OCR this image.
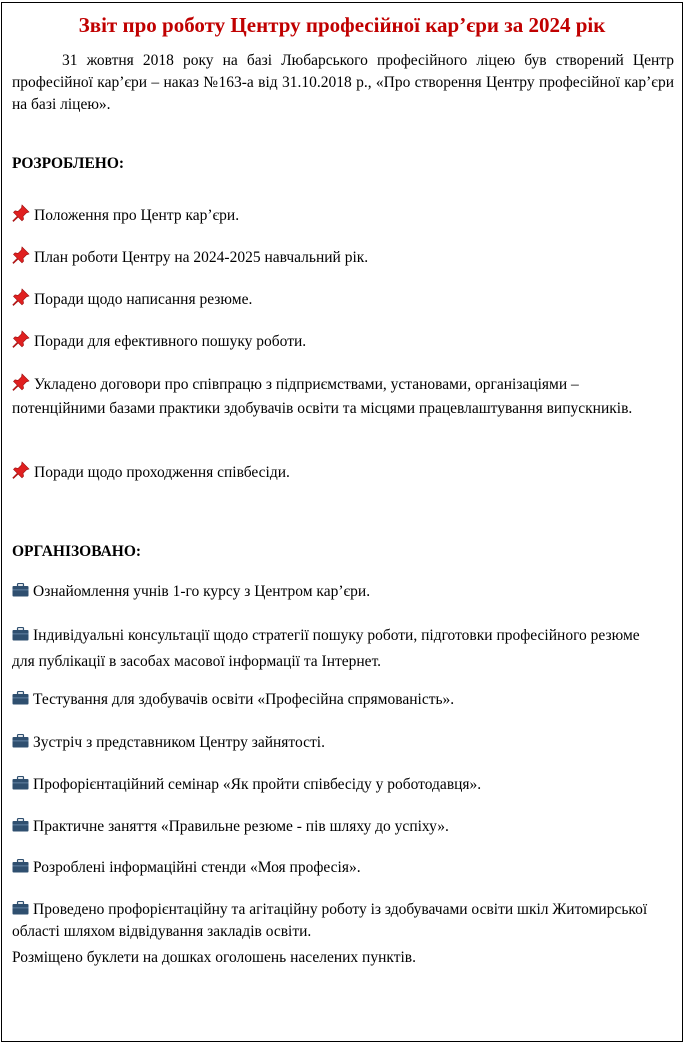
Звіт про роботу Центру професійної кар’єри за 2024 рік

31 жовтня 2018 року на базі Любарського професійного ліцею був створений Центр професійної кар’єри – наказ №163-а від 31.10.2018 р., «Про створення Центру професійної кар’єри на базі ліцею».

РОЗРОБЛЕНО:

Положення про Центр кар’єри.

План роботи Центру на 2024-2025 навчальний рік.

Поради щодо написання резюме.

Поради для ефективного пошуку роботи.

Укладено договори про співпрацю з підприємствами, установами, організаціями – потенційними базами практики здобувачів освіти та місцями працевлаштування випускників.

Поради щодо проходження співбесіди.

ОРГАНІЗОВАНО:

Ознайомлення учнів 1-го курсу з Центром кар’єри.

Індивідуальні консультації щодо стратегії пошуку роботи, підготовки професійного резюме для публікації в засобах масової інформації та Інтернет.

Тестування для здобувачів освіти «Професійна спрямованість».

Зустріч з представником Центру зайнятості.

Профорієнтаційний семінар «Як пройти співбесіду у роботодавця».

Практичне заняття «Правильне резюме - пів шляху до успіху».

Розроблені інформаційні стенди «Моя професія».

Проведено профорієнтаційну та агітаційну роботу із здобувачами освіти шкіл Житомирської області шляхом відвідування закладів освіти.

Розміщено буклети на дошках оголошень населених пунктів.
